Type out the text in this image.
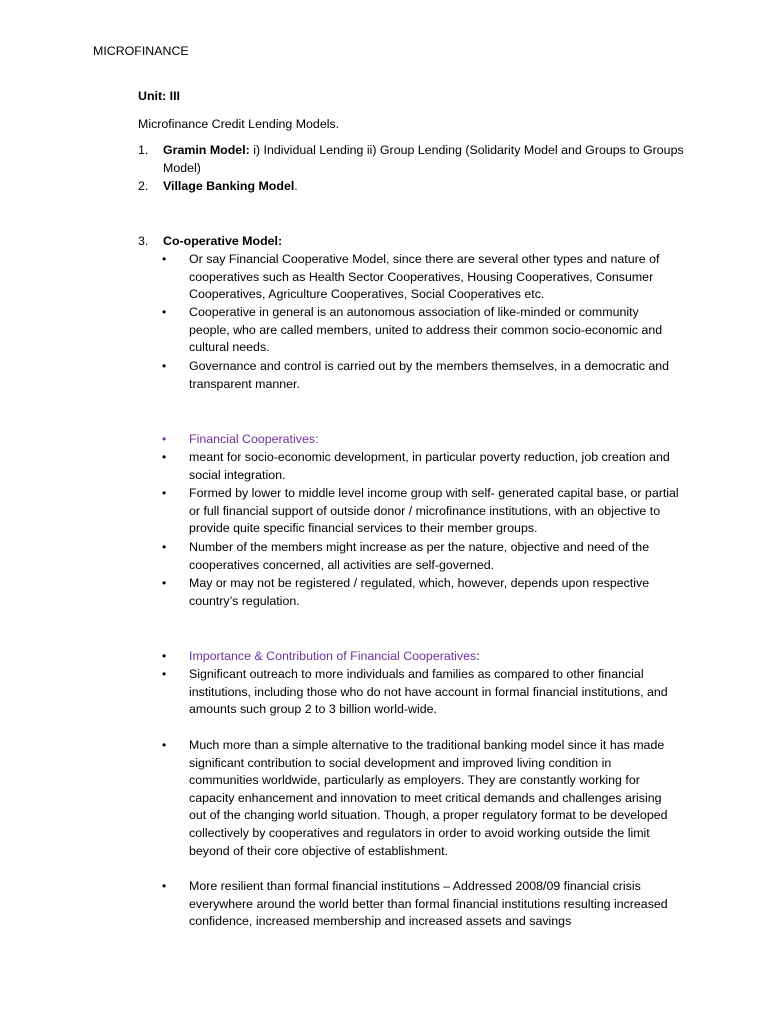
MICROFINANCE
Unit: III
Microfinance Credit Lending Models.
1. Gramin Model: i) Individual Lending ii) Group Lending (Solidarity Model and Groups to Groups Model)
2. Village Banking Model.
3. Co-operative Model:
• Or say Financial Cooperative Model, since there are several other types and nature of cooperatives such as Health Sector Cooperatives, Housing Cooperatives, Consumer Cooperatives, Agriculture Cooperatives, Social Cooperatives etc.
• Cooperative in general is an autonomous association of like-minded or community people, who are called members, united to address their common socio-economic and cultural needs.
• Governance and control is carried out by the members themselves, in a democratic and transparent manner.
• Financial Cooperatives:
• meant for socio-economic development, in particular poverty reduction, job creation and social integration.
• Formed by lower to middle level income group with self- generated capital base, or partial or full financial support of outside donor / microfinance institutions, with an objective to provide quite specific financial services to their member groups.
• Number of the members might increase as per the nature, objective and need of the cooperatives concerned, all activities are self-governed.
• May or may not be registered / regulated, which, however, depends upon respective country’s regulation.
• Importance & Contribution of Financial Cooperatives:
• Significant outreach to more individuals and families as compared to other financial institutions, including those who do not have account in formal financial institutions, and amounts such group 2 to 3 billion world-wide.
• Much more than a simple alternative to the traditional banking model since it has made significant contribution to social development and improved living condition in communities worldwide, particularly as employers. They are constantly working for capacity enhancement and innovation to meet critical demands and challenges arising out of the changing world situation. Though, a proper regulatory format to be developed collectively by cooperatives and regulators in order to avoid working outside the limit beyond of their core objective of establishment.
• More resilient than formal financial institutions – Addressed 2008/09 financial crisis everywhere around the world better than formal financial institutions resulting increased confidence, increased membership and increased assets and savings
